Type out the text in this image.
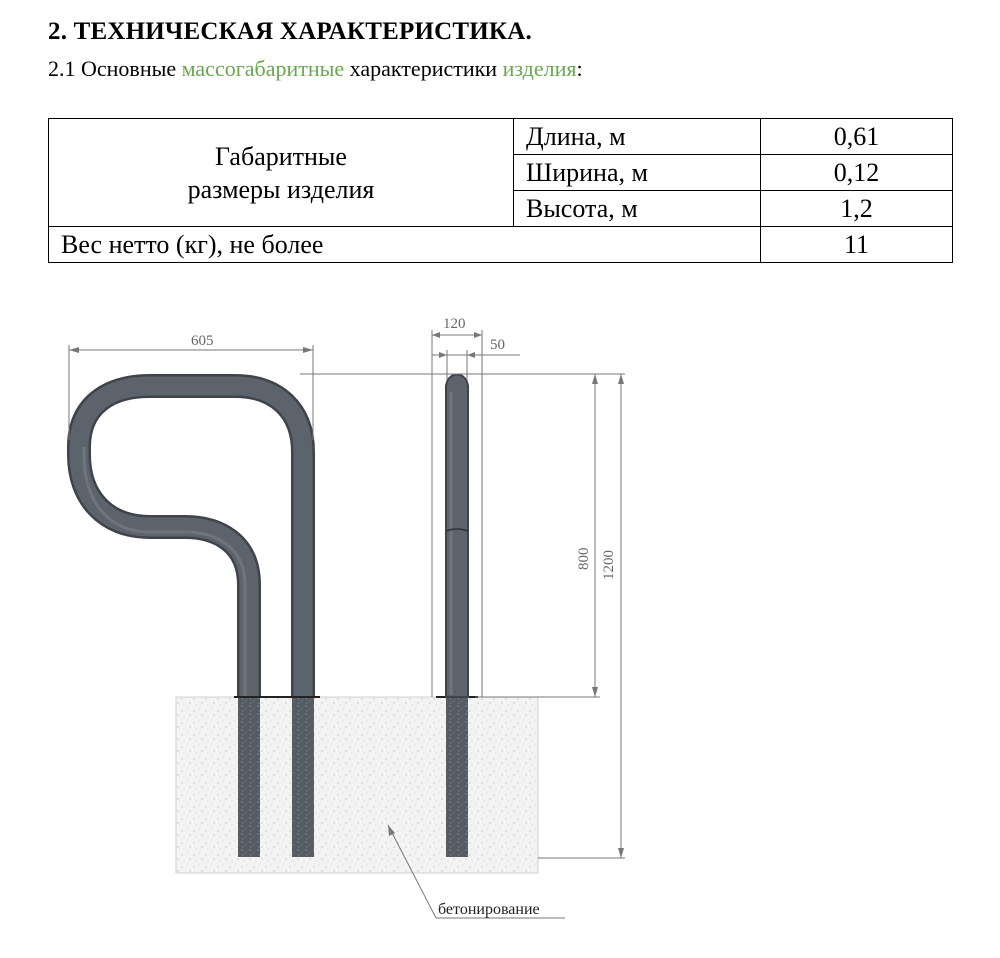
2. ТЕХНИЧЕСКАЯ ХАРАКТЕРИСТИКА.
2.1 Основные массогабаритные характеристики изделия:
Габаритные
размеры изделия	Длина, м	0,61
	Ширина, м	0,12
	Высота, м	1,2
Вес нетто (кг), не более		11
605
120
50
800 1200
бетонирование
